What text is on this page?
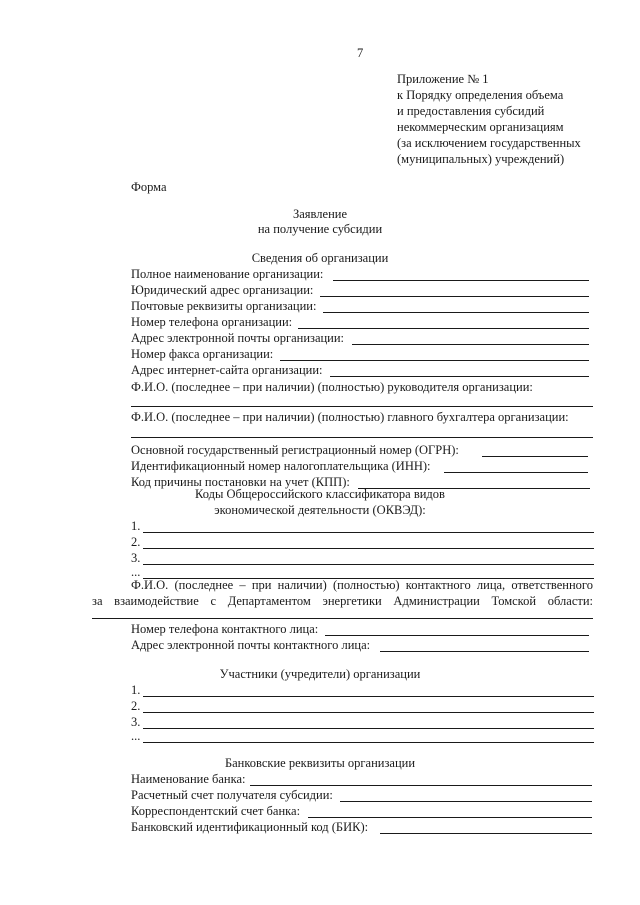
7
Приложение № 1
к Порядку определения объема
и предоставления субсидий
некоммерческим организациям
(за исключением государственных
(муниципальных) учреждений)
Форма
Заявление
на получение субсидии
Сведения об организации
Полное наименование организации:
Юридический адрес организации:
Почтовые реквизиты организации:
Номер телефона организации:
Адрес электронной почты организации:
Номер факса организации:
Адрес интернет-сайта организации:
Ф.И.О. (последнее – при наличии) (полностью) руководителя организации:
Ф.И.О. (последнее – при наличии) (полностью) главного бухгалтера организации:
Основной государственный регистрационный номер (ОГРН):
Идентификационный номер налогоплательщика (ИНН):
Код причины постановки на учет (КПП):
Коды Общероссийского классификатора видов
экономической деятельности (ОКВЭД):
1.
2.
3.
...
Ф.И.О. (последнее – при наличии) (полностью) контактного лица, ответственного
за взаимодействие с Департаментом энергетики Администрации Томской области:
Номер телефона контактного лица:
Адрес электронной почты контактного лица:
Участники (учредители) организации
1.
2.
3.
...
Банковские реквизиты организации
Наименование банка:
Расчетный счет получателя субсидии:
Корреспондентский счет банка:
Банковский идентификационный код (БИК):
